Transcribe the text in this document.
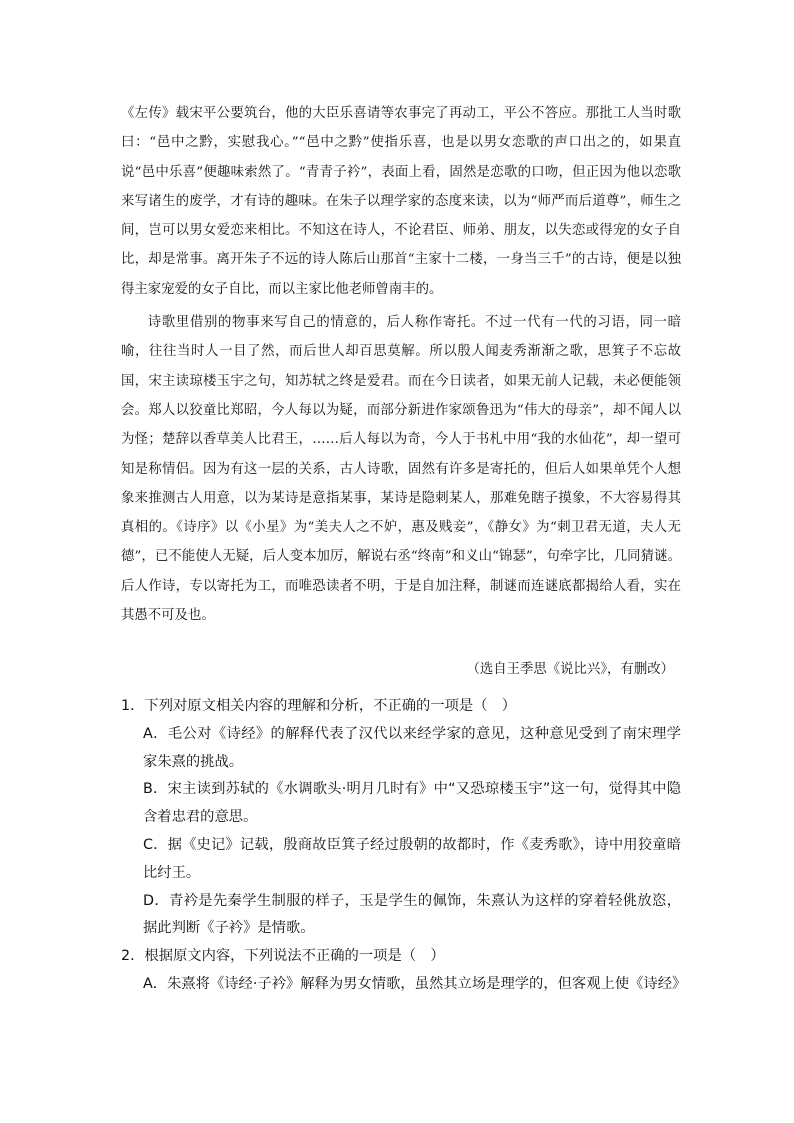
《左传》载宋平公要筑台，他的大臣乐喜请等农事完了再动工，平公不答应。那批工人当时歌曰：“邑中之黔，实慰我心。”“邑中之黔”使指乐喜，也是以男女恋歌的声口出之的，如果直说“邑中乐喜”便趣味索然了。“青青子衿”，表面上看，固然是恋歌的口吻，但正因为他以恋歌来写诸生的废学，才有诗的趣味。在朱子以理学家的态度来读，以为“师严而后道尊”，师生之间，岂可以男女爱恋来相比。不知这在诗人，不论君臣、师弟、朋友，以失恋或得宠的女子自比，却是常事。离开朱子不远的诗人陈后山那首“主家十二楼，一身当三千”的古诗，便是以独得主家宠爱的女子自比，而以主家比他老师曾南丰的。

诗歌里借别的物事来写自己的情意的，后人称作寄托。不过一代有一代的习语，同一暗喻，往往当时人一目了然，而后世人却百思莫解。所以殷人闻麦秀渐渐之歌，思箕子不忘故国，宋主读琼楼玉宇之句，知苏轼之终是爱君。而在今日读者，如果无前人记载，未必便能领会。郑人以狡童比郑昭，今人每以为疑，而部分新进作家颂鲁迅为“伟大的母亲”，却不闻人以为怪；楚辞以香草美人比君王，……后人每以为奇，今人于书札中用“我的水仙花”，却一望可知是称情侣。因为有这一层的关系，古人诗歌，固然有许多是寄托的，但后人如果单凭个人想象来推测古人用意，以为某诗是意指某事，某诗是隐刺某人，那难免瞎子摸象，不大容易得其真相的。《诗序》以《小星》为“美夫人之不妒，惠及贱妾”，《静女》为“刺卫君无道，夫人无德”，已不能使人无疑，后人变本加厉，解说右丞“终南”和义山“锦瑟”，句牵字比，几同猜谜。后人作诗，专以寄托为工，而唯恐读者不明，于是自加注释，制谜而连谜底都揭给人看，实在其愚不可及也。

（选自王季思《说比兴》，有删改）

1．下列对原文相关内容的理解和分析，不正确的一项是（　）

A．毛公对《诗经》的解释代表了汉代以来经学家的意见，这种意见受到了南宋理学家朱熹的挑战。

B．宋主读到苏轼的《水调歌头·明月几时有》中“又恐琼楼玉宇”这一句，觉得其中隐含着忠君的意思。

C．据《史记》记载，殷商故臣箕子经过殷朝的故都时，作《麦秀歌》，诗中用狡童暗比纣王。

D．青衿是先秦学生制服的样子，玉是学生的佩饰，朱熹认为这样的穿着轻佻放恣，据此判断《子衿》是情歌。

2．根据原文内容，下列说法不正确的一项是（　）

A．朱熹将《诗经·子衿》解释为男女情歌，虽然其立场是理学的，但客观上使《诗经》
